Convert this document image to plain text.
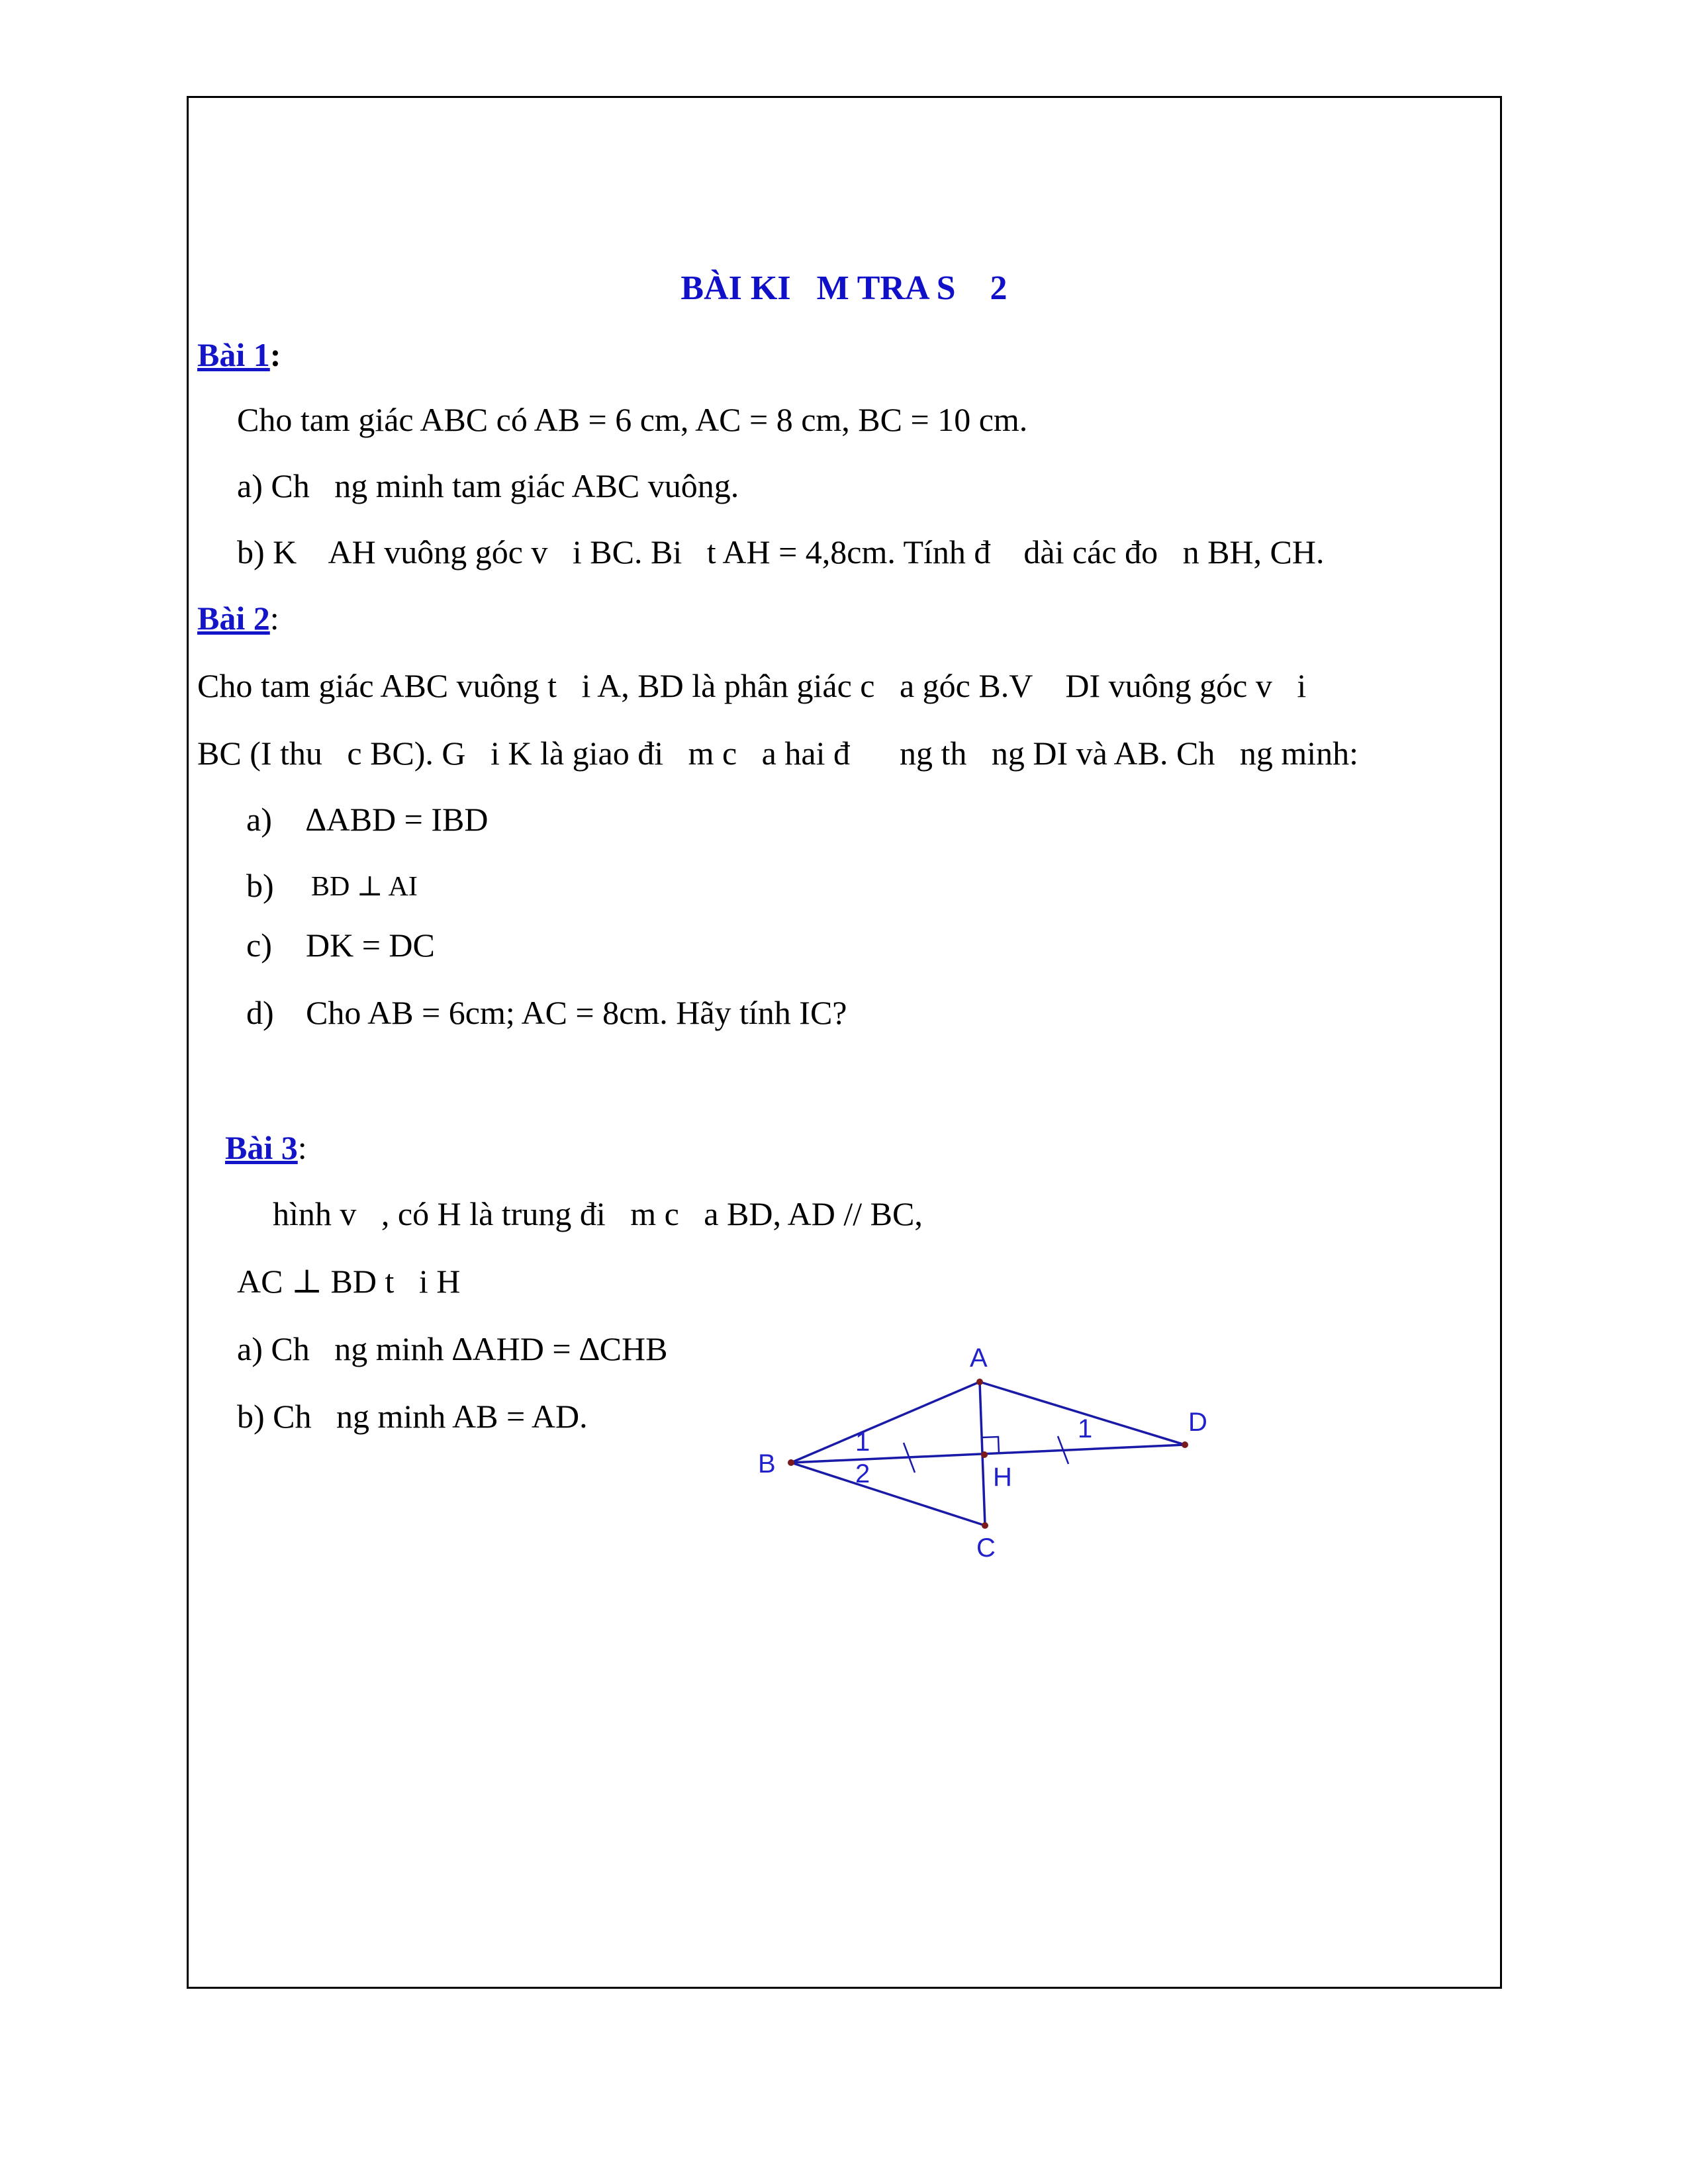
BÀI KI   M TRA S    2
Bài 1:
Cho tam giác ABC có AB = 6 cm, AC = 8 cm, BC = 10 cm.
a) Ch   ng minh tam giác ABC vuông.
b) K    AH vuông góc v   i BC. Bi   t AH = 4,8cm. Tính đ    dài các đo   n BH, CH.
Bài 2:
Cho tam giác ABC vuông t   i A, BD là phân giác c   a góc B.V    DI vuông góc v   i
BC (I thu   c BC). G   i K là giao đi   m c   a hai đ      ng th   ng DI và AB. Ch   ng minh:
a) ∆ABD = IBD
b) BD ⊥ AI
c) DK = DC
d) Cho AB = 6cm; AC = 8cm. Hãy tính IC?
Bài 3:
hình v   , có H là trung đi   m c   a BD, AD // BC,
AC ⊥ BD t   i H
a) Ch   ng minh ∆AHD = ∆CHB
b) Ch   ng minh AB = AD.
A
B
C
D
H
1
2
1
